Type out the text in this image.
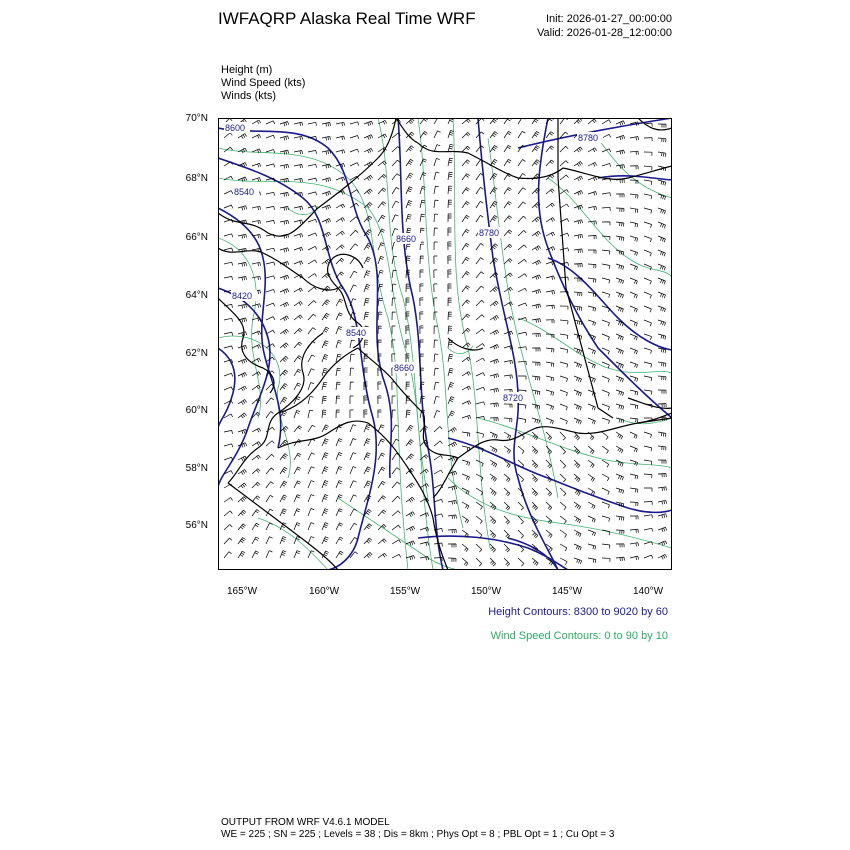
IWFAQRP Alaska Real Time WRF	Init: 2026-01-27_00:00:00
Valid: 2026-01-28_12:00:00
Height (m)
Wind Speed (kts)
Winds (kts)
70°N
68°N
66°N
64°N
62°N
60°N
58°N
56°N
165°W	160°W	155°W	150°W	145°W	140°W
8600
8540
8420
8660
8540
8660
8780
8780
8720
Height Contours: 8300 to 9020 by 60
Wind Speed Contours: 0 to 90 by 10
OUTPUT FROM WRF V4.6.1 MODEL
WE = 225 ; SN = 225 ; Levels = 38 ; Dis = 8km ; Phys Opt = 8 ; PBL Opt = 1 ; Cu Opt = 3
